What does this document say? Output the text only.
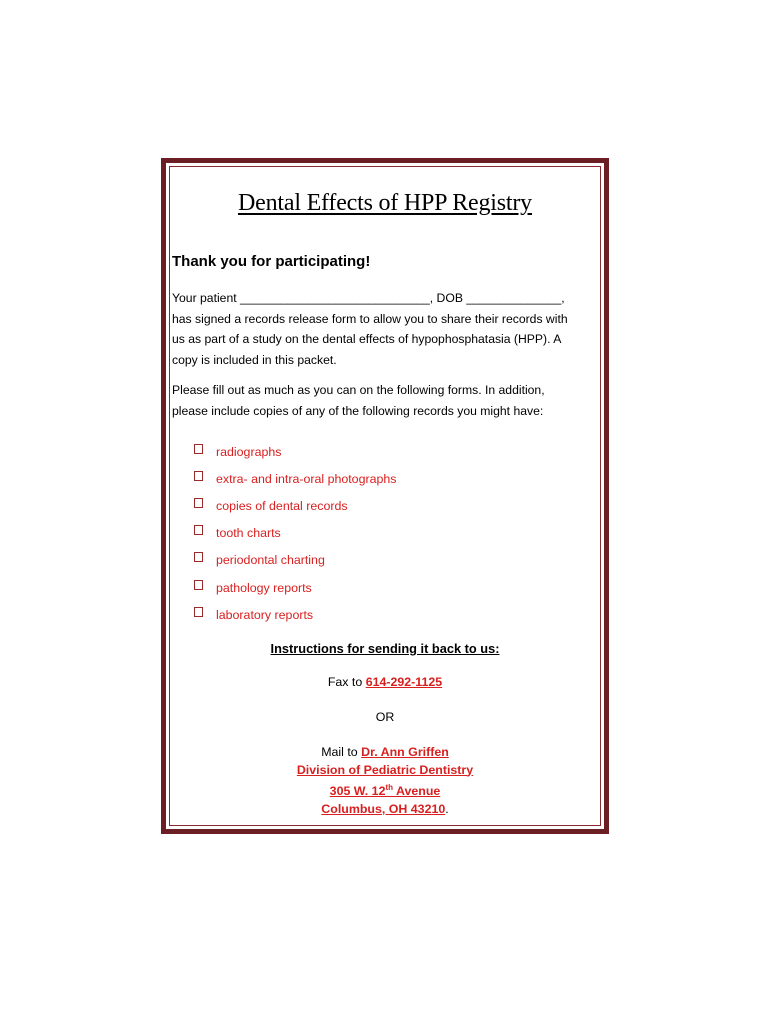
Dental Effects of HPP Registry
Thank you for participating!
Your patient ____________________________, DOB ______________,
has signed a records release form to allow you to share their records with
us as part of a study on the dental effects of hypophosphatasia (HPP). A
copy is included in this packet.
Please fill out as much as you can on the following forms. In addition,
please include copies of any of the following records you might have:
radiographs
extra- and intra-oral photographs
copies of dental records
tooth charts
periodontal charting
pathology reports
laboratory reports
Instructions for sending it back to us:
Fax to 614-292-1125
OR
Mail to Dr. Ann Griffen
Division of Pediatric Dentistry
305 W. 12th Avenue
Columbus, OH 43210.
